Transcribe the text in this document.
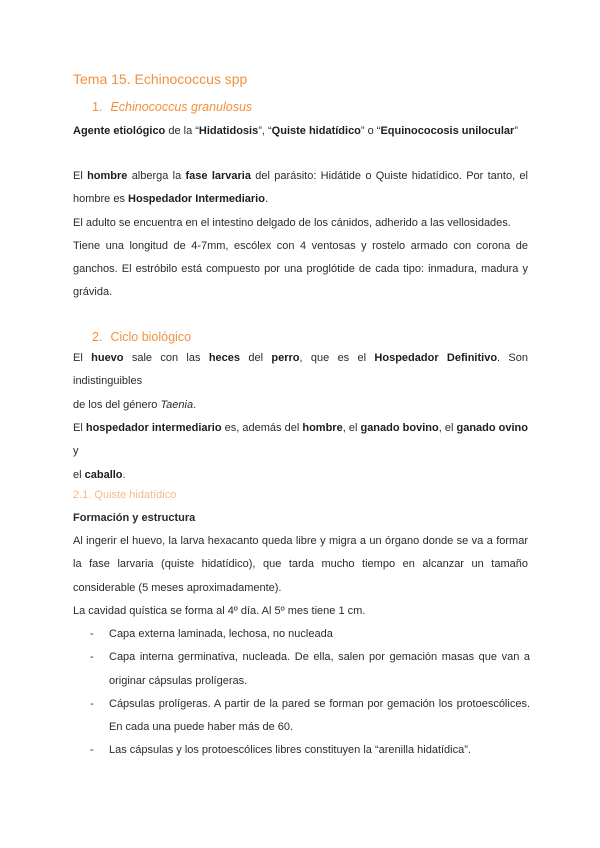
Tema 15. Echinococcus spp
1. Echinococcus granulosus
Agente etiológico de la “Hidatidosis”, “Quiste hidatídico” o “Equinococosis unilocular”
El hombre alberga la fase larvaria del parásito: Hidátide o Quiste hidatídico. Por tanto, el
hombre es Hospedador Intermediario.
El adulto se encuentra en el intestino delgado de los cánidos, adherido a las vellosidades.
Tiene una longitud de 4-7mm, escólex con 4 ventosas y rostelo armado con corona de
ganchos. El estróbilo está compuesto por una proglótide de cada tipo: inmadura, madura y
grávida.
2. Ciclo biológico
El huevo sale con las heces del perro, que es el Hospedador Definitivo. Son indistinguibles
de los del género Taenia.
El hospedador intermediario es, además del hombre, el ganado bovino, el ganado ovino y
el caballo.
2.1. Quiste hidatídico
Formación y estructura
Al ingerir el huevo, la larva hexacanto queda libre y migra a un órgano donde se va a formar
la fase larvaria (quiste hidatídico), que tarda mucho tiempo en alcanzar un tamaño
considerable (5 meses aproximadamente).
La cavidad quística se forma al 4º día. Al 5º mes tiene 1 cm.
- Capa externa laminada, lechosa, no nucleada
- Capa interna germinativa, nucleada. De ella, salen por gemación masas que van a
originar cápsulas prolígeras.
- Cápsulas prolígeras. A partir de la pared se forman por gemación los protoescólices.
En cada una puede haber más de 60.
- Las cápsulas y los protoescólices libres constituyen la “arenilla hidatídica”.
